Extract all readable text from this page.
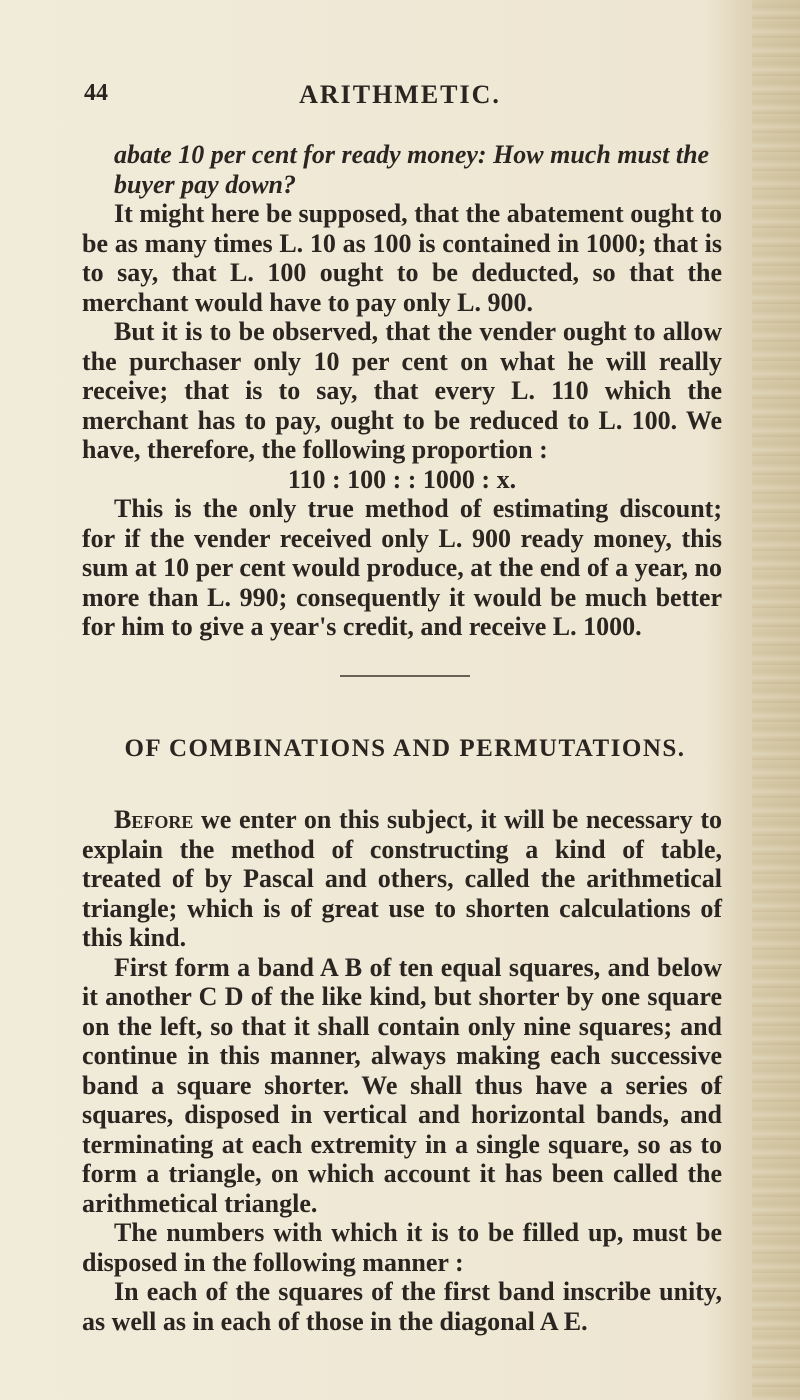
44	ARITHMETIC.

abate 10 per cent for ready money: How much must the

buyer pay down?

It might here be supposed, that the abatement ought to be as many times L. 10 as 100 is contained in 1000; that is to say, that L. 100 ought to be deducted, so that the merchant would have to pay only L. 900.

But it is to be observed, that the vender ought to allow the purchaser only 10 per cent on what he will really receive; that is to say, that every L. 110 which the merchant has to pay, ought to be reduced to L. 100. We have, therefore, the following proportion :

110 : 100 : : 1000 : x.

This is the only true method of estimating discount; for if the vender received only L. 900 ready money, this sum at 10 per cent would produce, at the end of a year, no more than L. 990; consequently it would be much better for him to give a year's credit, and receive L. 1000.

OF COMBINATIONS AND PERMUTATIONS.

Before we enter on this subject, it will be necessary to explain the method of constructing a kind of table, treated of by Pascal and others, called the arithmetical triangle; which is of great use to shorten calculations of this kind.

First form a band A B of ten equal squares, and below it another C D of the like kind, but shorter by one square on the left, so that it shall contain only nine squares; and continue in this manner, always making each successive band a square shorter. We shall thus have a series of squares, disposed in vertical and horizontal bands, and terminating at each extremity in a single square, so as to form a triangle, on which account it has been called the arithmetical triangle.

The numbers with which it is to be filled up, must be disposed in the following manner :

In each of the squares of the first band inscribe unity, as well as in each of those in the diagonal A E.
